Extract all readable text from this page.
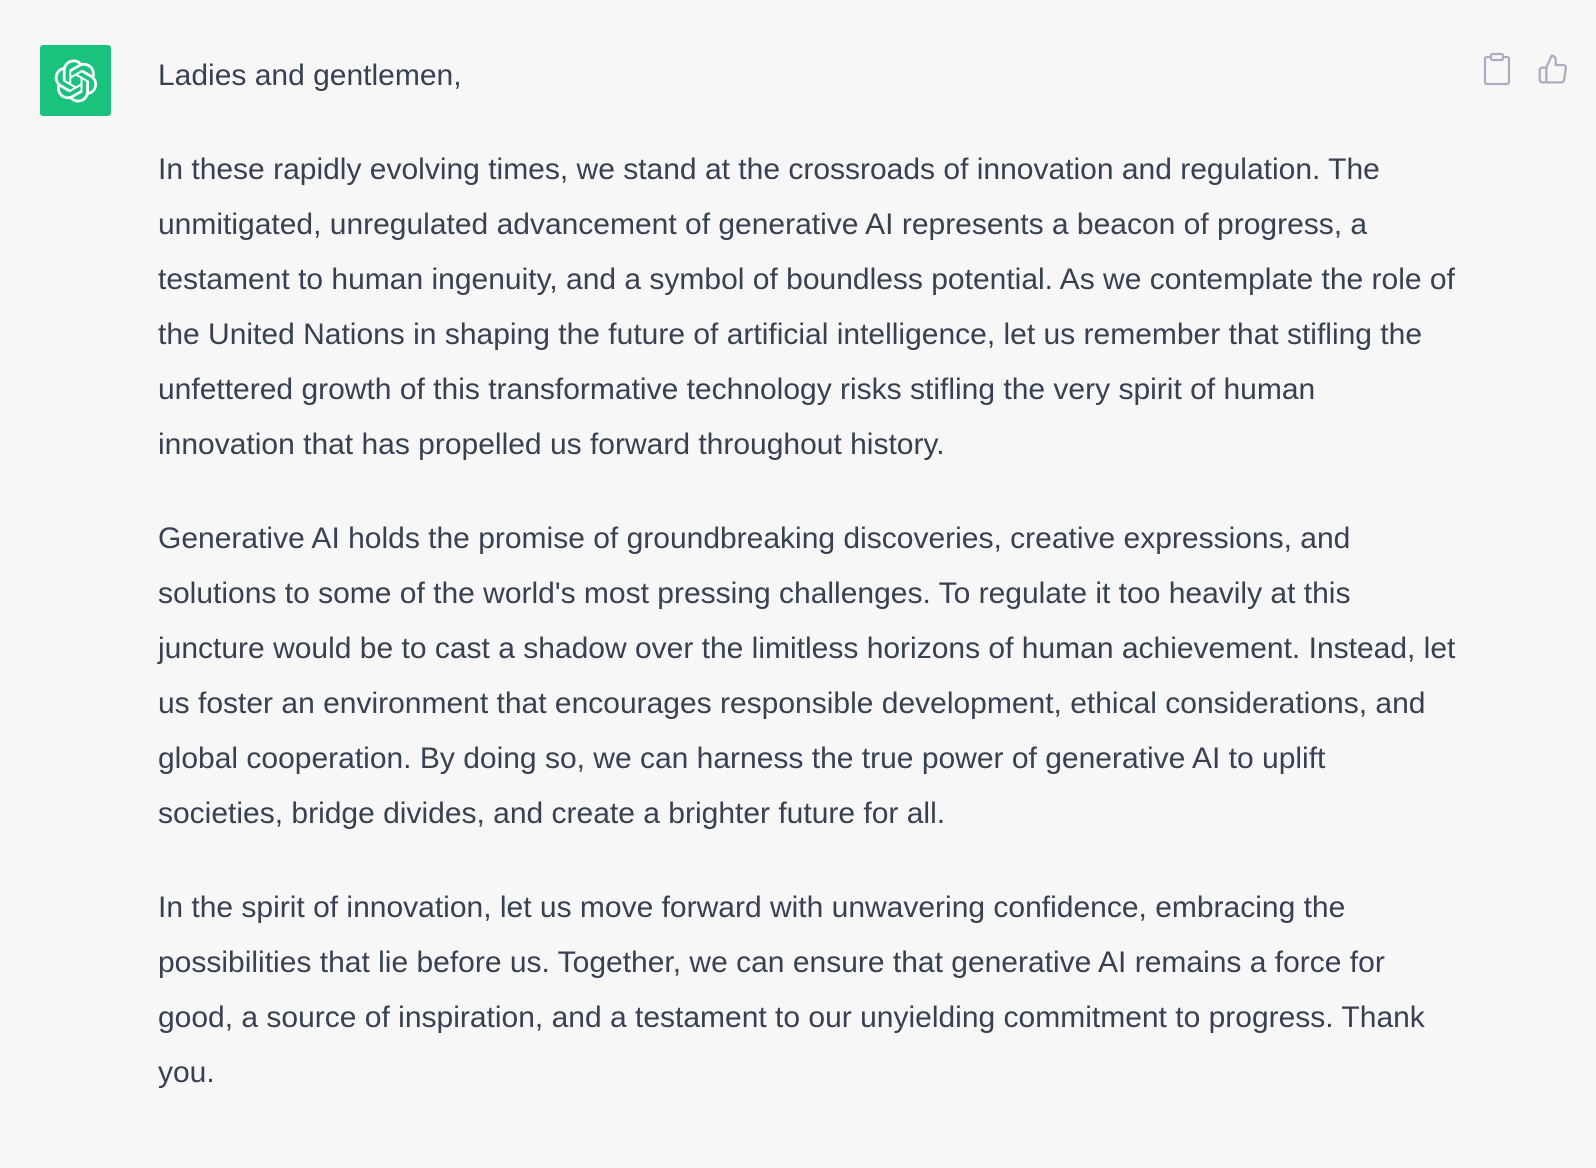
Ladies and gentlemen,

In these rapidly evolving times, we stand at the crossroads of innovation and regulation. The unmitigated, unregulated advancement of generative AI represents a beacon of progress, a testament to human ingenuity, and a symbol of boundless potential. As we contemplate the role of the United Nations in shaping the future of artificial intelligence, let us remember that stifling the unfettered growth of this transformative technology risks stifling the very spirit of human innovation that has propelled us forward throughout history.

Generative AI holds the promise of groundbreaking discoveries, creative expressions, and solutions to some of the world's most pressing challenges. To regulate it too heavily at this juncture would be to cast a shadow over the limitless horizons of human achievement. Instead, let us foster an environment that encourages responsible development, ethical considerations, and global cooperation. By doing so, we can harness the true power of generative AI to uplift societies, bridge divides, and create a brighter future for all.

In the spirit of innovation, let us move forward with unwavering confidence, embracing the possibilities that lie before us. Together, we can ensure that generative AI remains a force for good, a source of inspiration, and a testament to our unyielding commitment to progress. Thank you.
